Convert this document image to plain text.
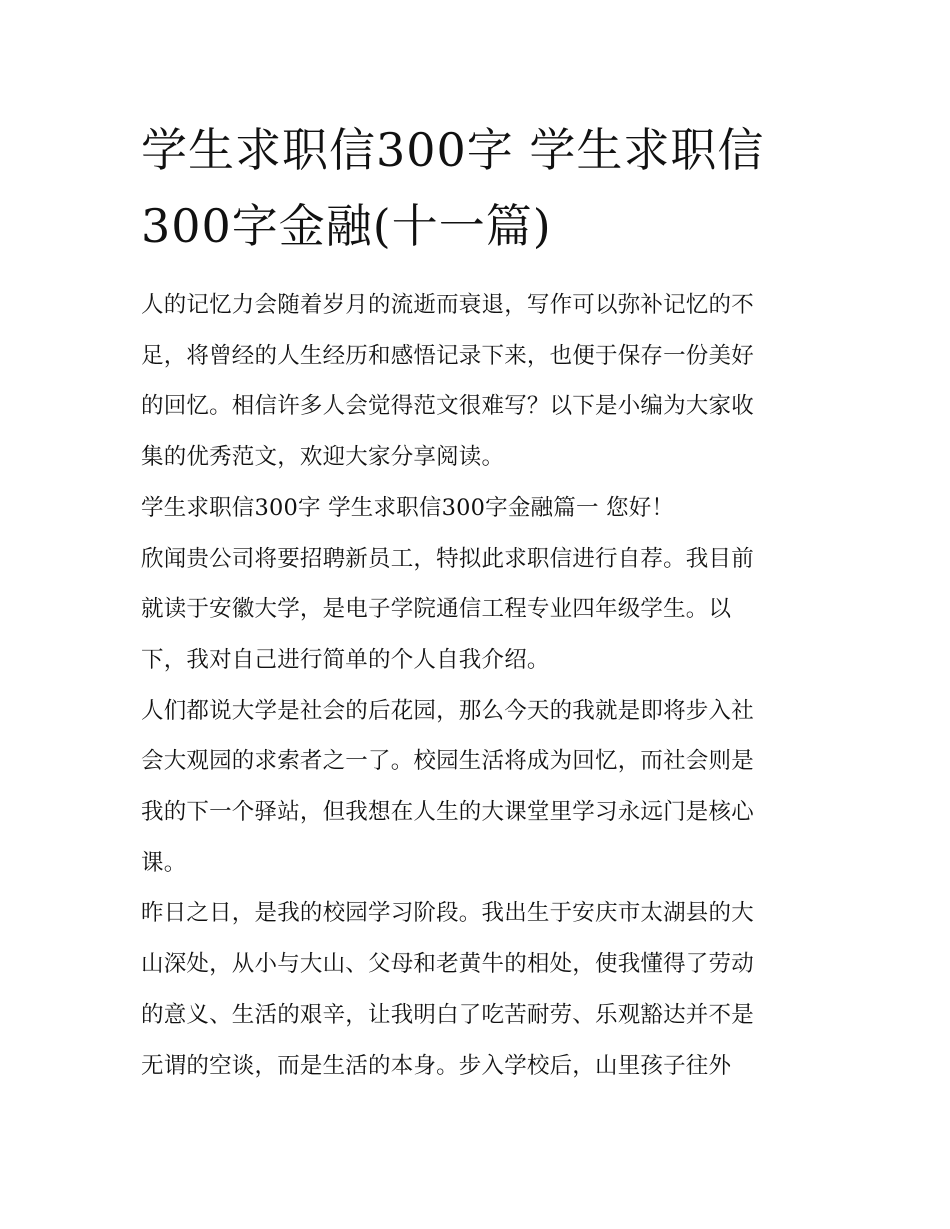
学生求职信300字 学生求职信
300字金融(十一篇)
人的记忆力会随着岁月的流逝而衰退，写作可以弥补记忆的不
足，将曾经的人生经历和感悟记录下来，也便于保存一份美好
的回忆。相信许多人会觉得范文很难写？以下是小编为大家收
集的优秀范文，欢迎大家分享阅读。
学生求职信300字 学生求职信300字金融篇一 您好！
欣闻贵公司将要招聘新员工，特拟此求职信进行自荐。我目前
就读于安徽大学，是电子学院通信工程专业四年级学生。以
下，我对自己进行简单的个人自我介绍。
人们都说大学是社会的后花园，那么今天的我就是即将步入社
会大观园的求索者之一了。校园生活将成为回忆，而社会则是
我的下一个驿站，但我想在人生的大课堂里学习永远门是核心
课。
昨日之日，是我的校园学习阶段。我出生于安庆市太湖县的大
山深处，从小与大山、父母和老黄牛的相处，使我懂得了劳动
的意义、生活的艰辛，让我明白了吃苦耐劳、乐观豁达并不是
无谓的空谈，而是生活的本身。步入学校后，山里孩子往外
